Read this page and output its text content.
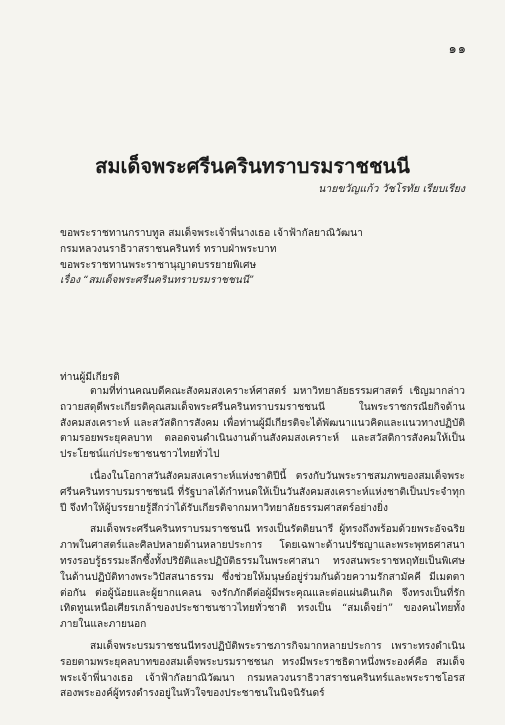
๑๑
สมเด็จพระศรีนครินทราบรมราชชนนี
นายขวัญแก้ว วัชโรทัย เรียบเรียง

ขอพระราชทานกราบทูล สมเด็จพระเจ้าพี่นางเธอ เจ้าฟ้ากัลยาณิวัฒนา

กรมหลวงนราธิวาสราชนครินทร์ ทราบฝ่าพระบาท

ขอพระราชทานพระราชานุญาตบรรยายพิเศษ

เรื่อง “สมเด็จพระศรีนครินทราบรมราชชนนี”

ท่านผู้มีเกียรติ

ตามที่ท่านคณบดีคณะสังคมสงเคราะห์ศาสตร์ มหาวิทยาลัยธรรมศาสตร์ เชิญมากล่าวถวายสดุดีพระเกียรติคุณสมเด็จพระศรีนครินทราบรมราชชนนี ในพระราชกรณียกิจด้านสังคมสงเคราะห์ และสวัสดิการสังคม เพื่อท่านผู้มีเกียรติจะได้พัฒนาแนวคิดและแนวทางปฏิบัติตามรอยพระยุคลบาท ตลอดจนดำเนินงานด้านสังคมสงเคราะห์ และสวัสดิการสังคมให้เป็นประโยชน์แก่ประชาชนชาวไทยทั่วไป

เนื่องในโอกาสวันสังคมสงเคราะห์แห่งชาติปีนี้ ตรงกับวันพระราชสมภพของสมเด็จพระศรีนครินทราบรมราชชนนี ที่รัฐบาลได้กำหนดให้เป็นวันสังคมสงเคราะห์แห่งชาติเป็นประจำทุกปี จึงทำให้ผู้บรรยายรู้สึกว่าได้รับเกียรติจากมหาวิทยาลัยธรรมศาสตร์อย่างยิ่ง

สมเด็จพระศรีนครินทราบรมราชชนนี ทรงเป็นรัตติยนารี ผู้ทรงถึงพร้อมด้วยพระอัจฉริยภาพในศาสตร์และศิลปหลายด้านหลายประการ โดยเฉพาะด้านปรัชญาและพระพุทธศาสนา ทรงรอบรู้ธรรมะลึกซึ้งทั้งปริยัติและปฏิบัติธรรมในพระศาสนา ทรงสนพระราชหฤทัยเป็นพิเศษในด้านปฏิบัติทางพระวิปัสสนาธรรม ซึ่งช่วยให้มนุษย์อยู่ร่วมกันด้วยความรักสามัคคี มีเมตตาต่อกัน ต่อผู้น้อยและผู้ยากแคลน จงรักภักดีต่อผู้มีพระคุณและต่อแผ่นดินเกิด จึงทรงเป็นที่รักเทิดทูนเหนือเศียรเกล้าของประชาชนชาวไทยทั่วชาติ ทรงเป็น “สมเด็จย่า” ของคนไทยทั้งภายในและภายนอก

สมเด็จพระบรมราชชนนีทรงปฏิบัติพระราชภารกิจมากหลายประการ เพราะทรงดำเนินรอยตามพระยุคลบาทของสมเด็จพระบรมราชชนก ทรงมีพระราชธิดาหนึ่งพระองค์คือ สมเด็จพระเจ้าพี่นางเธอ เจ้าฟ้ากัลยาณิวัฒนา กรมหลวงนราธิวาสราชนครินทร์และพระราชโอรสสองพระองค์ผู้ทรงดำรงอยู่ในหัวใจของประชาชนในนิจนิรันดร์
